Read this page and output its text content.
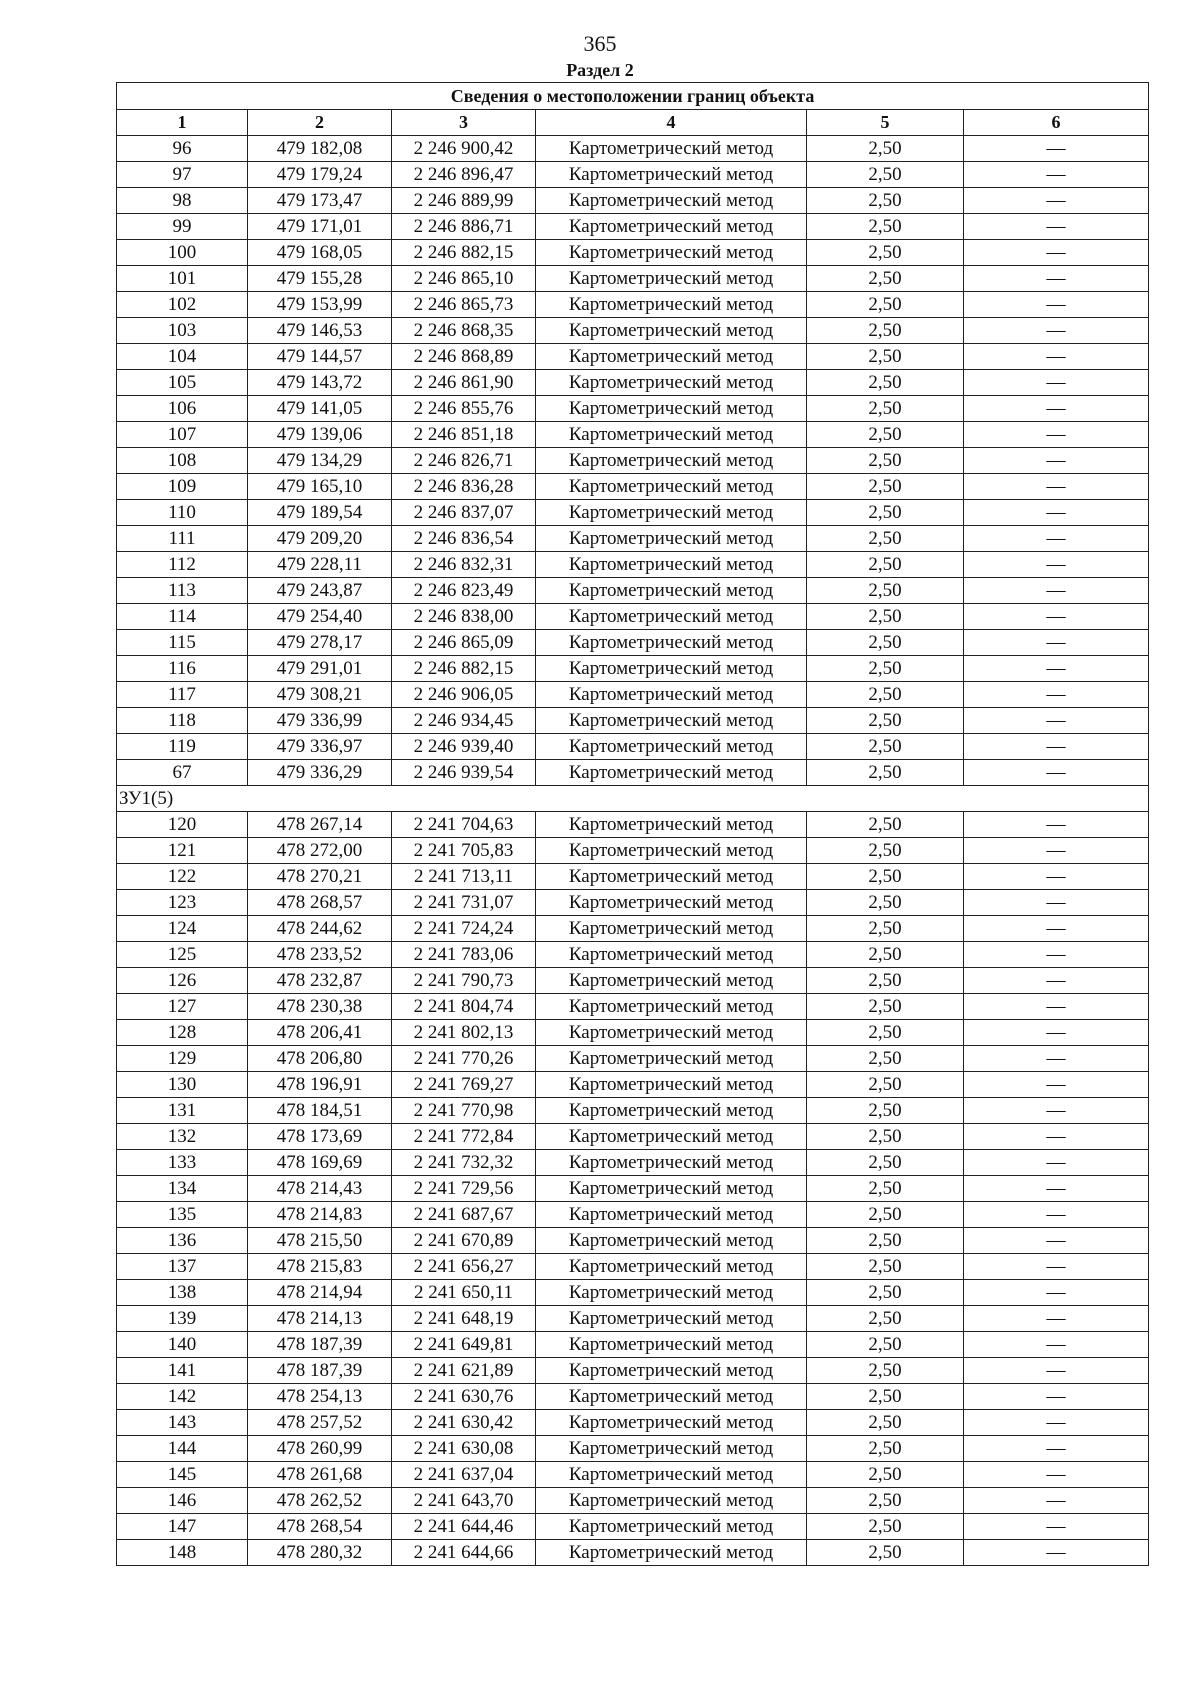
365
Раздел 2
Сведения о местоположении границ объекта					
1	2	3	4	5	6
96	479 182,08	2 246 900,42	Картометрический метод	2,50	—
97	479 179,24	2 246 896,47	Картометрический метод	2,50	—
98	479 173,47	2 246 889,99	Картометрический метод	2,50	—
99	479 171,01	2 246 886,71	Картометрический метод	2,50	—
100	479 168,05	2 246 882,15	Картометрический метод	2,50	—
101	479 155,28	2 246 865,10	Картометрический метод	2,50	—
102	479 153,99	2 246 865,73	Картометрический метод	2,50	—
103	479 146,53	2 246 868,35	Картометрический метод	2,50	—
104	479 144,57	2 246 868,89	Картометрический метод	2,50	—
105	479 143,72	2 246 861,90	Картометрический метод	2,50	—
106	479 141,05	2 246 855,76	Картометрический метод	2,50	—
107	479 139,06	2 246 851,18	Картометрический метод	2,50	—
108	479 134,29	2 246 826,71	Картометрический метод	2,50	—
109	479 165,10	2 246 836,28	Картометрический метод	2,50	—
110	479 189,54	2 246 837,07	Картометрический метод	2,50	—
111	479 209,20	2 246 836,54	Картометрический метод	2,50	—
112	479 228,11	2 246 832,31	Картометрический метод	2,50	—
113	479 243,87	2 246 823,49	Картометрический метод	2,50	—
114	479 254,40	2 246 838,00	Картометрический метод	2,50	—
115	479 278,17	2 246 865,09	Картометрический метод	2,50	—
116	479 291,01	2 246 882,15	Картометрический метод	2,50	—
117	479 308,21	2 246 906,05	Картометрический метод	2,50	—
118	479 336,99	2 246 934,45	Картометрический метод	2,50	—
119	479 336,97	2 246 939,40	Картометрический метод	2,50	—
67	479 336,29	2 246 939,54	Картометрический метод	2,50	—
ЗУ1(5)					
120	478 267,14	2 241 704,63	Картометрический метод	2,50	—
121	478 272,00	2 241 705,83	Картометрический метод	2,50	—
122	478 270,21	2 241 713,11	Картометрический метод	2,50	—
123	478 268,57	2 241 731,07	Картометрический метод	2,50	—
124	478 244,62	2 241 724,24	Картометрический метод	2,50	—
125	478 233,52	2 241 783,06	Картометрический метод	2,50	—
126	478 232,87	2 241 790,73	Картометрический метод	2,50	—
127	478 230,38	2 241 804,74	Картометрический метод	2,50	—
128	478 206,41	2 241 802,13	Картометрический метод	2,50	—
129	478 206,80	2 241 770,26	Картометрический метод	2,50	—
130	478 196,91	2 241 769,27	Картометрический метод	2,50	—
131	478 184,51	2 241 770,98	Картометрический метод	2,50	—
132	478 173,69	2 241 772,84	Картометрический метод	2,50	—
133	478 169,69	2 241 732,32	Картометрический метод	2,50	—
134	478 214,43	2 241 729,56	Картометрический метод	2,50	—
135	478 214,83	2 241 687,67	Картометрический метод	2,50	—
136	478 215,50	2 241 670,89	Картометрический метод	2,50	—
137	478 215,83	2 241 656,27	Картометрический метод	2,50	—
138	478 214,94	2 241 650,11	Картометрический метод	2,50	—
139	478 214,13	2 241 648,19	Картометрический метод	2,50	—
140	478 187,39	2 241 649,81	Картометрический метод	2,50	—
141	478 187,39	2 241 621,89	Картометрический метод	2,50	—
142	478 254,13	2 241 630,76	Картометрический метод	2,50	—
143	478 257,52	2 241 630,42	Картометрический метод	2,50	—
144	478 260,99	2 241 630,08	Картометрический метод	2,50	—
145	478 261,68	2 241 637,04	Картометрический метод	2,50	—
146	478 262,52	2 241 643,70	Картометрический метод	2,50	—
147	478 268,54	2 241 644,46	Картометрический метод	2,50	—
148	478 280,32	2 241 644,66	Картометрический метод	2,50	—
